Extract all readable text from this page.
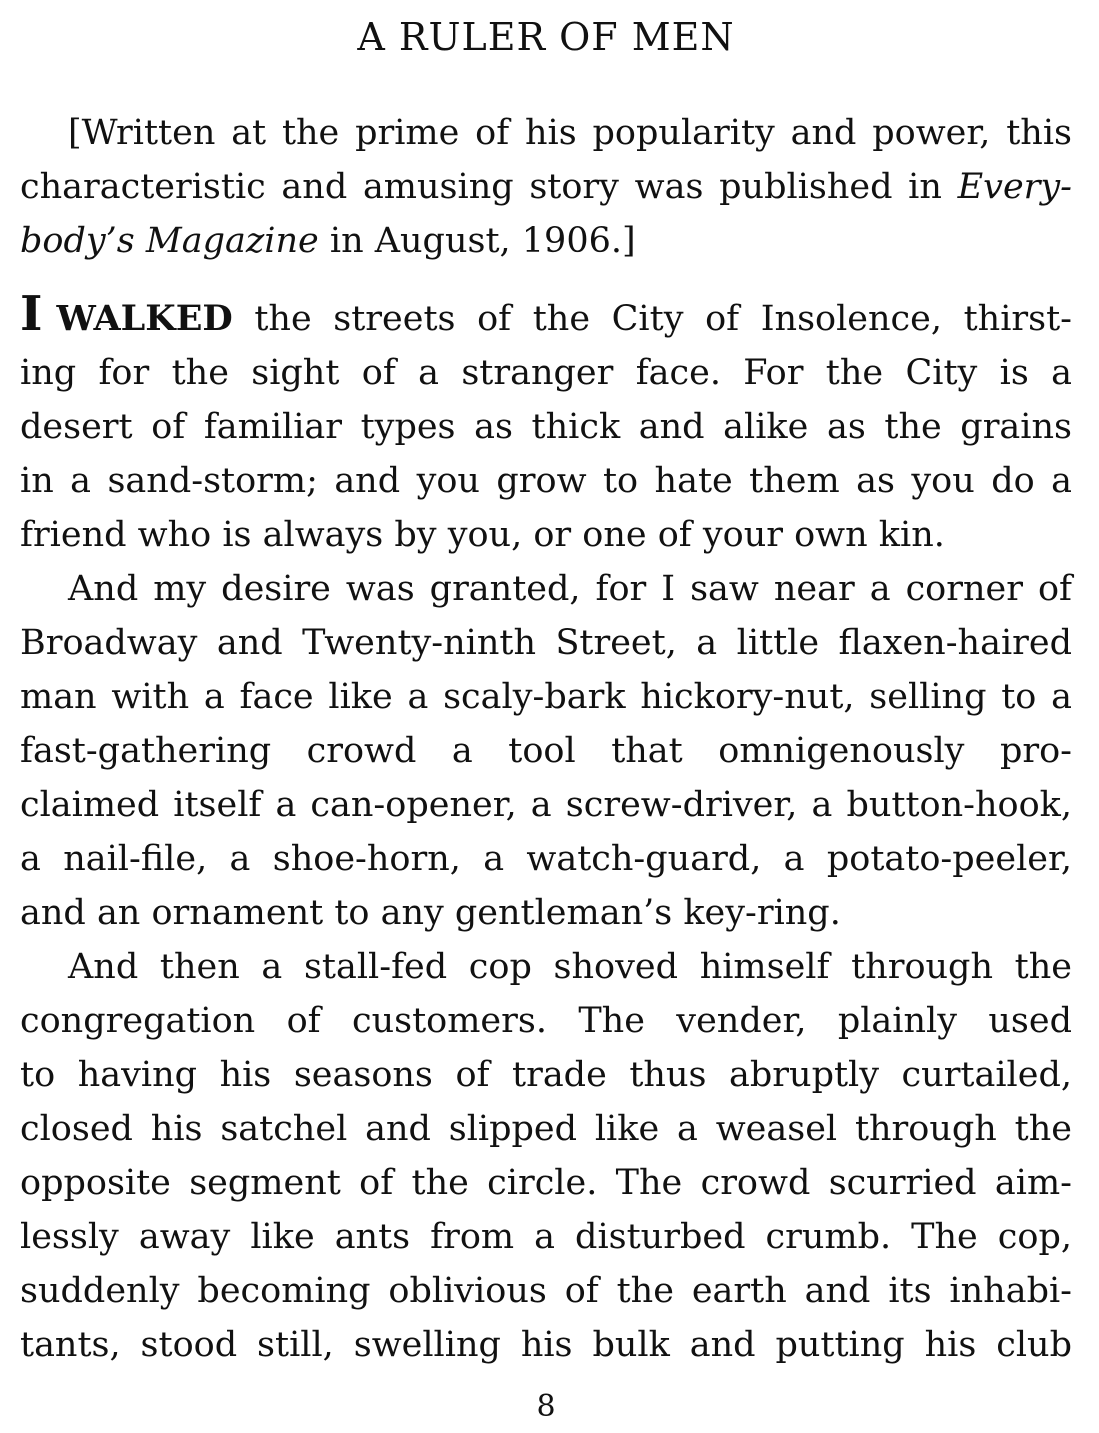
A RULER OF MEN
[Written at the prime of his popularity and power, this
characteristic and amusing story was published in Every-
body’s Magazine in August, 1906.]
I WALKED the streets of the City of Insolence, thirst-
ing for the sight of a stranger face. For the City is a
desert of familiar types as thick and alike as the grains
in a sand-storm; and you grow to hate them as you do a
friend who is always by you, or one of your own kin.
And my desire was granted, for I saw near a corner of
Broadway and Twenty-ninth Street, a little flaxen-haired
man with a face like a scaly-bark hickory-nut, selling to a
fast-gathering crowd a tool that omnigenously pro-
claimed itself a can-opener, a screw-driver, a button-hook,
a nail-file, a shoe-horn, a watch-guard, a potato-peeler,
and an ornament to any gentleman’s key-ring.
And then a stall-fed cop shoved himself through the
congregation of customers. The vender, plainly used
to having his seasons of trade thus abruptly curtailed,
closed his satchel and slipped like a weasel through the
opposite segment of the circle. The crowd scurried aim-
lessly away like ants from a disturbed crumb. The cop,
suddenly becoming oblivious of the earth and its inhabi-
tants, stood still, swelling his bulk and putting his club
8
